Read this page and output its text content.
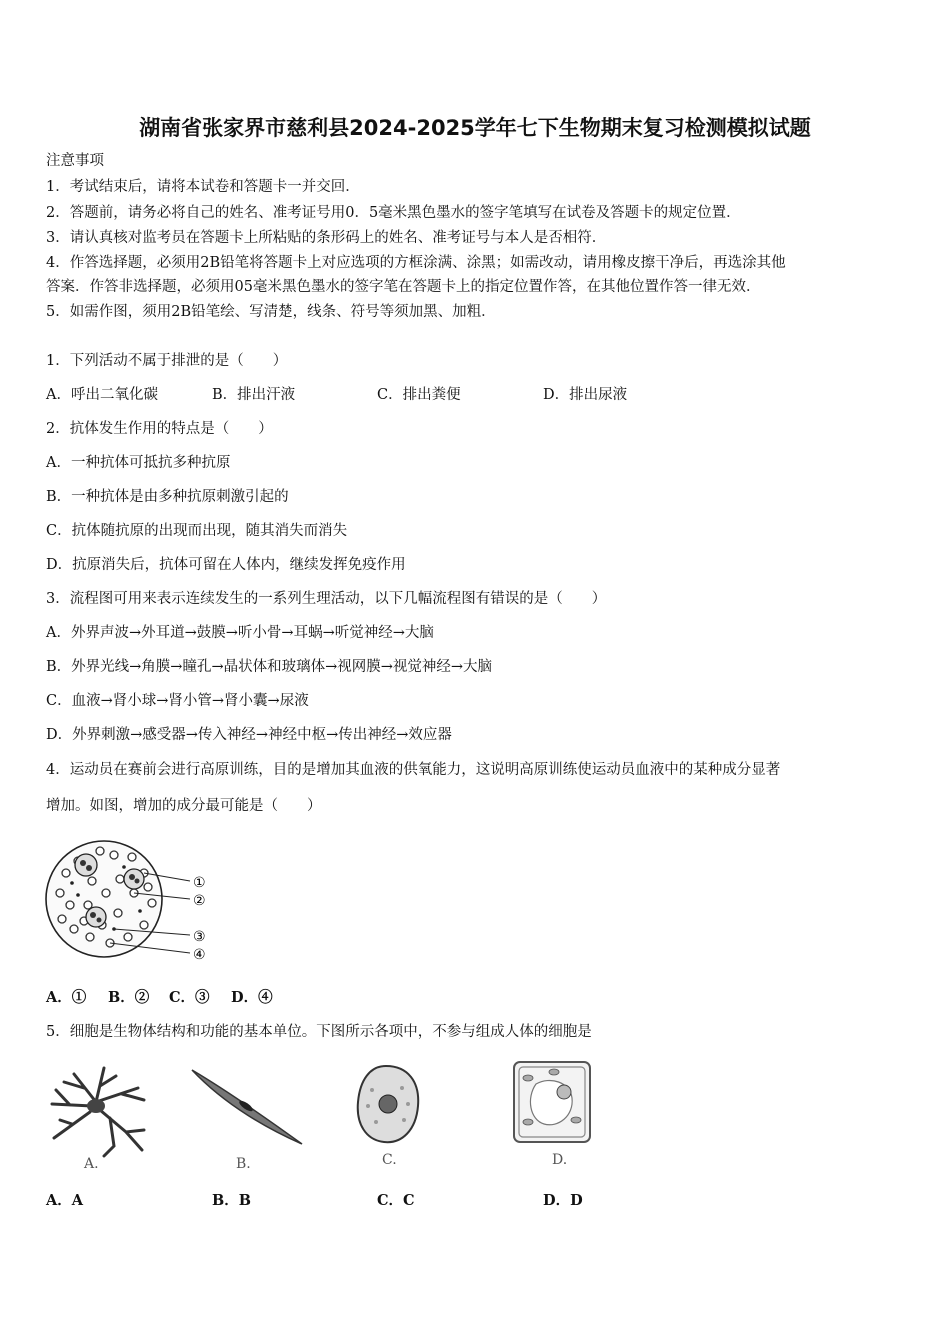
湖南省张家界市慈利县2024-2025学年七下生物期末复习检测模拟试题
注意事项
1．考试结束后，请将本试卷和答题卡一并交回．
2．答题前，请务必将自己的姓名、准考证号用0．5毫米黑色墨水的签字笔填写在试卷及答题卡的规定位置．
3．请认真核对监考员在答题卡上所粘贴的条形码上的姓名、准考证号与本人是否相符．
4．作答选择题，必须用2B铅笔将答题卡上对应选项的方框涂满、涂黑；如需改动，请用橡皮擦干净后，再选涂其他
答案．作答非选择题，必须用05毫米黑色墨水的签字笔在答题卡上的指定位置作答，在其他位置作答一律无效．
5．如需作图，须用2B铅笔绘、写清楚，线条、符号等须加黑、加粗．
1．下列活动不属于排泄的是（　　）
A．呼出二氧化碳	B．排出汗液	C．排出粪便	D．排出尿液
2．抗体发生作用的特点是（　　）
A．一种抗体可抵抗多种抗原
B．一种抗体是由多种抗原刺激引起的
C．抗体随抗原的出现而出现，随其消失而消失
D．抗原消失后，抗体可留在人体内，继续发挥免疫作用
3．流程图可用来表示连续发生的一系列生理活动，以下几幅流程图有错误的是（　　）
A．外界声波→外耳道→鼓膜→听小骨→耳蜗→听觉神经→大脑
B．外界光线→角膜→瞳孔→晶状体和玻璃体→视网膜→视觉神经→大脑
C．血液→肾小球→肾小管→肾小囊→尿液
D．外界刺激→感受器→传入神经→神经中枢→传出神经→效应器
4．运动员在赛前会进行高原训练，目的是增加其血液的供氧能力，这说明高原训练使运动员血液中的某种成分显著
增加。如图，增加的成分最可能是（　　）
①
②
③
④
A．① B．② C．③ D．④
5．细胞是生物体结构和功能的基本单位。下图所示各项中，不参与组成人体的细胞是
A.	B.	C.	D.
A．A	B．B	C．C	D．D
